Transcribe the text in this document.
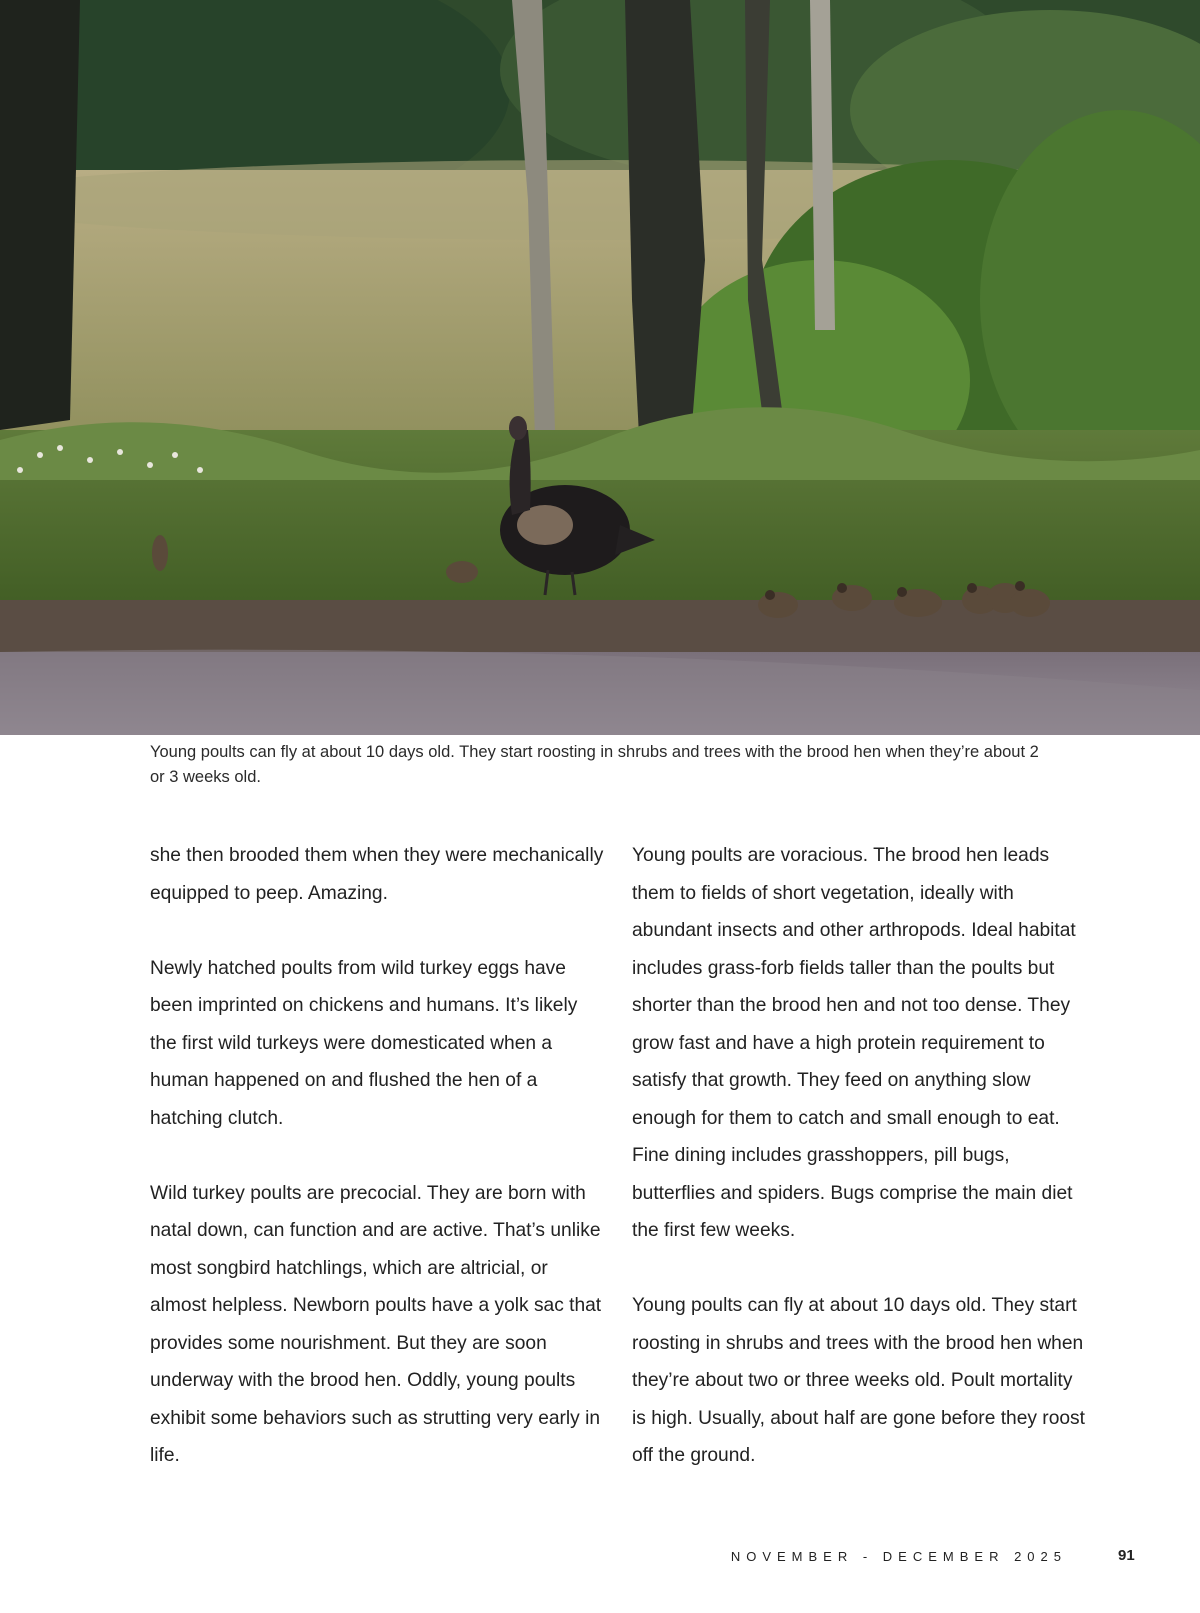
Young poults can fly at about 10 days old. They start roosting in shrubs and trees with the brood hen when they’re about 2 or 3 weeks old.

she then brooded them when they were mechanically equipped to peep. Amazing.

Newly hatched poults from wild turkey eggs have been imprinted on chickens and humans. It’s likely the first wild turkeys were domesticated when a human happened on and flushed the hen of a hatching clutch.

Wild turkey poults are precocial. They are born with natal down, can function and are active. That’s unlike most songbird hatchlings, which are altricial, or almost helpless. Newborn poults have a yolk sac that provides some nourishment. But they are soon underway with the brood hen. Oddly, young poults exhibit some behaviors such as strutting very early in life.

Young poults are voracious. The brood hen leads them to fields of short vegetation, ideally with abundant insects and other arthropods. Ideal habitat includes grass-forb fields taller than the poults but shorter than the brood hen and not too dense. They grow fast and have a high protein requirement to satisfy that growth. They feed on anything slow enough for them to catch and small enough to eat. Fine dining includes grasshoppers, pill bugs, butterflies and spiders. Bugs comprise the main diet the first few weeks.

Young poults can fly at about 10 days old. They start roosting in shrubs and trees with the brood hen when they’re about two or three weeks old. Poult mortality is high. Usually, about half are gone before they roost off the ground.

NOVEMBER - DECEMBER 2025	91
